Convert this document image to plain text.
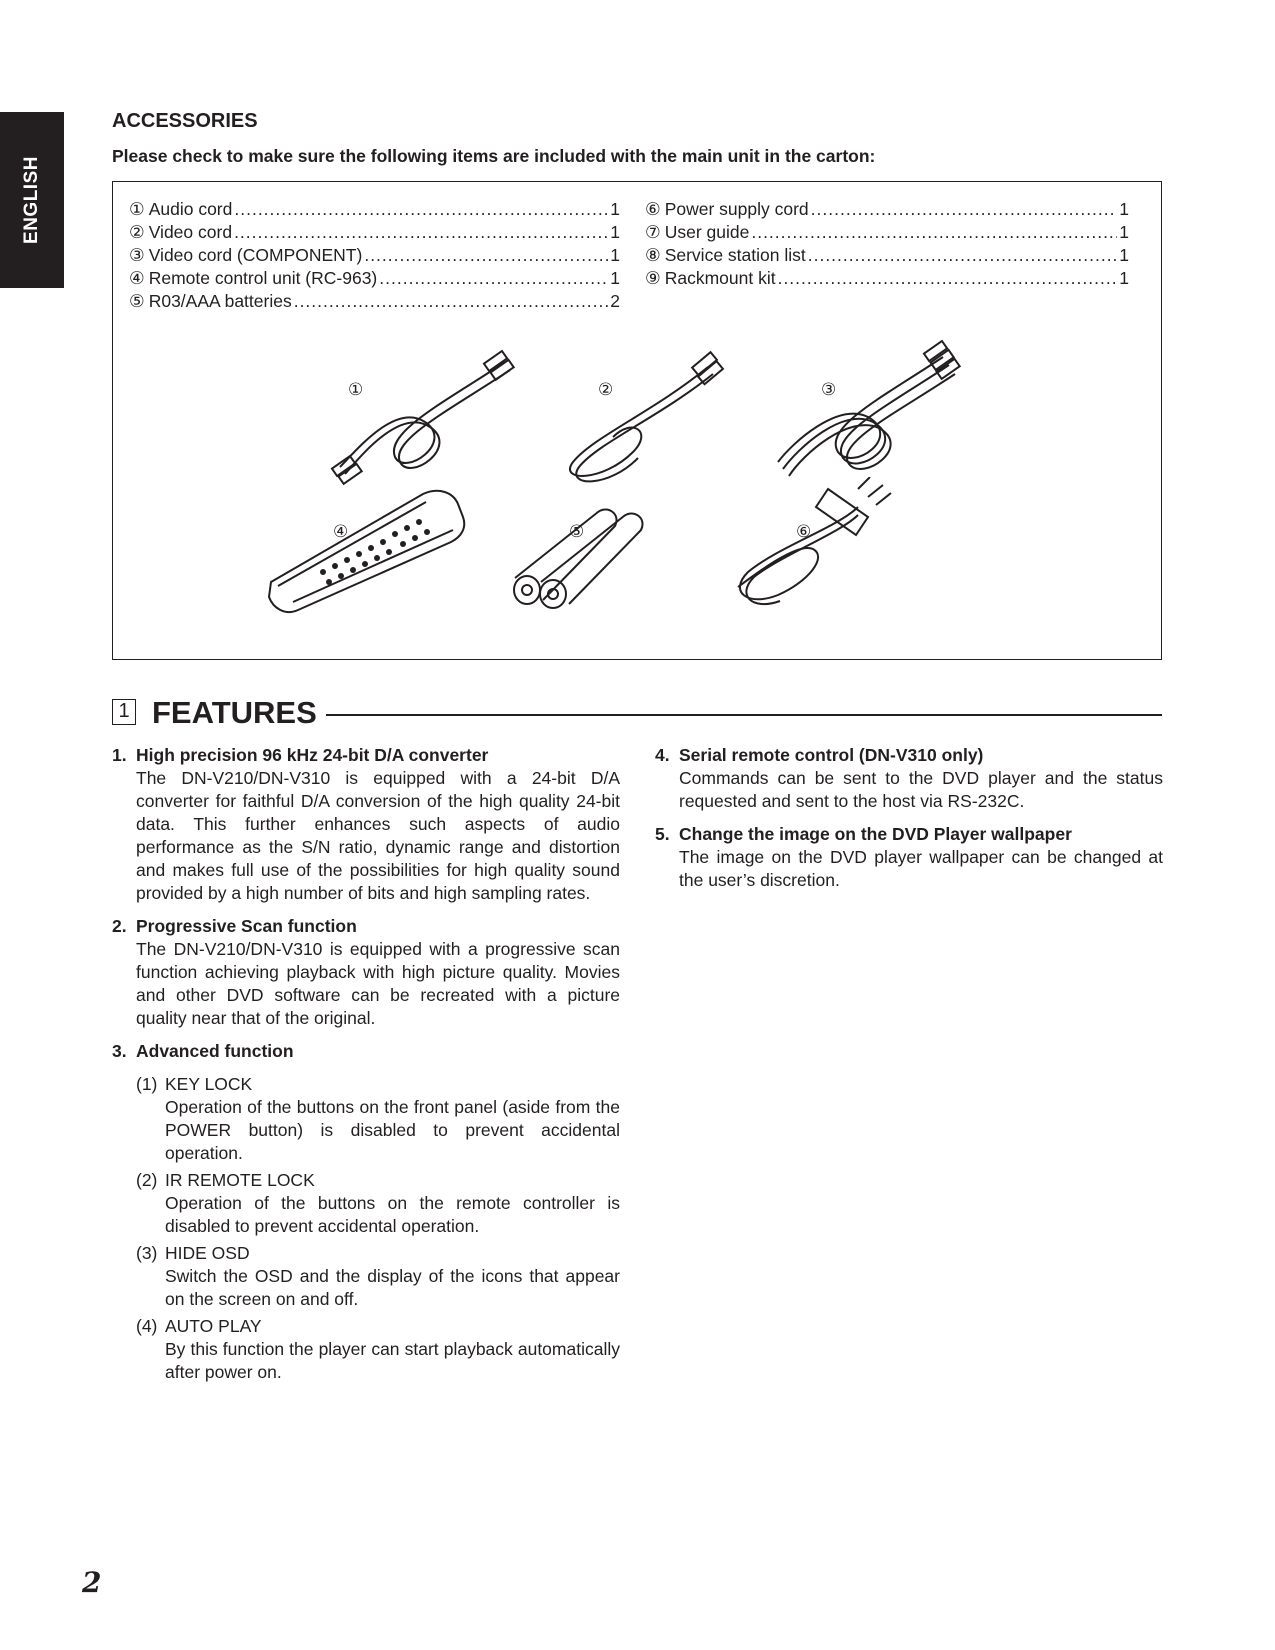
ENGLISH
ACCESSORIES
Please check to make sure the following items are included with the main unit in the carton:
① Audio cord .....	1
② Video cord .....	1
③ Video cord (COMPONENT) .....	1
④ Remote control unit (RC-963) .....	1
⑤ R03/AAA batteries .....	2
⑥ Power supply cord .....	1
⑦ User guide .....	1
⑧ Service station list .....	1
⑨ Rackmount kit .....	1
①	②	③
④	⑤	⑥
1 FEATURES
1. High precision 96 kHz 24-bit D/A converter
The DN-V210/DN-V310 is equipped with a 24-bit D/A converter for faithful D/A conversion of the high quality 24-bit data. This further enhances such aspects of audio performance as the S/N ratio, dynamic range and distortion and makes full use of the possibilities for high quality sound provided by a high number of bits and high sampling rates.
2. Progressive Scan function
The DN-V210/DN-V310 is equipped with a progressive scan function achieving playback with high picture quality. Movies and other DVD software can be recreated with a picture quality near that of the original.
3. Advanced function
(1) KEY LOCK
Operation of the buttons on the front panel (aside from the POWER button) is disabled to prevent accidental operation.
(2) IR REMOTE LOCK
Operation of the buttons on the remote controller is disabled to prevent accidental operation.
(3) HIDE OSD
Switch the OSD and the display of the icons that appear on the screen on and off.
(4) AUTO PLAY
By this function the player can start playback automatically after power on.
4. Serial remote control (DN-V310 only)
Commands can be sent to the DVD player and the status requested and sent to the host via RS-232C.
5. Change the image on the DVD Player wallpaper
The image on the DVD player wallpaper can be changed at the user’s discretion.
2
